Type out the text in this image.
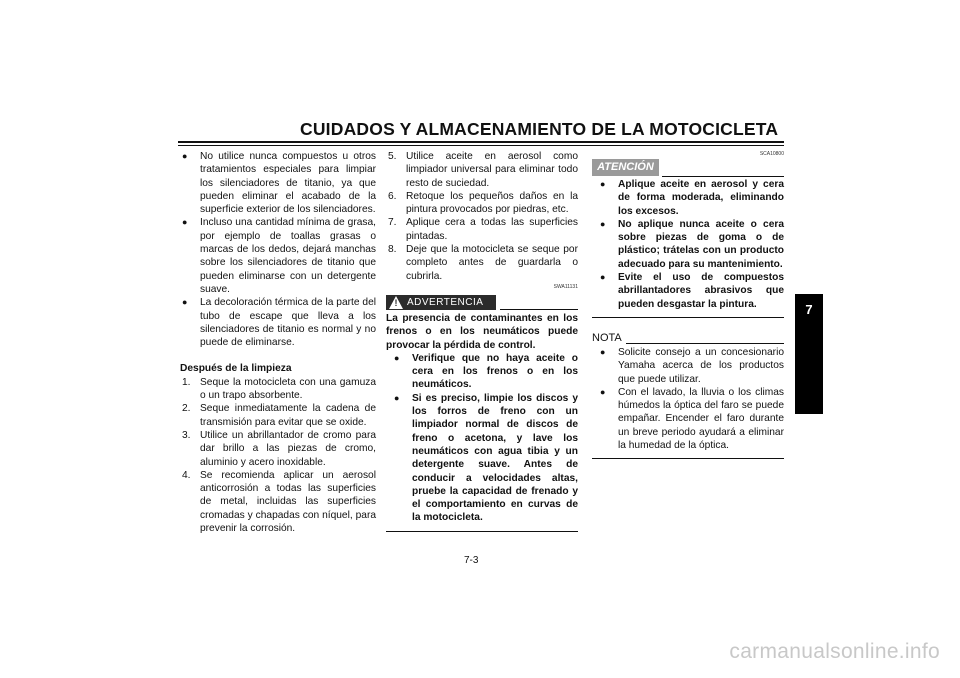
CUIDADOS Y ALMACENAMIENTO DE LA MOTOCICLETA
● No utilice nunca compuestos u otros tratamientos especiales para limpiar los silenciadores de titanio, ya que pueden eliminar el acabado de la superficie exterior de los silenciadores.
● Incluso una cantidad mínima de grasa, por ejemplo de toallas grasas o marcas de los dedos, dejará manchas sobre los silenciadores de titanio que pueden eliminarse con un detergente suave.
● La decoloración térmica de la parte del tubo de escape que lleva a los silenciadores de titanio es normal y no puede de eliminarse.
Después de la limpieza
1. Seque la motocicleta con una gamuza o un trapo absorbente.
2. Seque inmediatamente la cadena de transmisión para evitar que se oxide.
3. Utilice un abrillantador de cromo para dar brillo a las piezas de cromo, aluminio y acero inoxidable.
4. Se recomienda aplicar un aerosol anticorrosión a todas las superficies de metal, incluidas las superficies cromadas y chapadas con níquel, para prevenir la corrosión.
5. Utilice aceite en aerosol como limpiador universal para eliminar todo resto de suciedad.
6. Retoque los pequeños daños en la pintura provocados por piedras, etc.
7. Aplique cera a todas las superficies pintadas.
8. Deje que la motocicleta se seque por completo antes de guardarla o cubrirla.
SWA11131
! ADVERTENCIA
La presencia de contaminantes en los frenos o en los neumáticos puede provocar la pérdida de control.
● Verifique que no haya aceite o cera en los frenos o en los neumáticos.
● Si es preciso, limpie los discos y los forros de freno con un limpiador normal de discos de freno o acetona, y lave los neumáticos con agua tibia y un detergente suave. Antes de conducir a velocidades altas, pruebe la capacidad de frenado y el comportamiento en curvas de la motocicleta.
SCA10800
ATENCIÓN
● Aplique aceite en aerosol y cera de forma moderada, eliminando los excesos.
● No aplique nunca aceite o cera sobre piezas de goma o de plástico; trátelas con un producto adecuado para su mantenimiento.
● Evite el uso de compuestos abrillantadores abrasivos que pueden desgastar la pintura.
NOTA
● Solicite consejo a un concesionario Yamaha acerca de los productos que puede utilizar.
● Con el lavado, la lluvia o los climas húmedos la óptica del faro se puede empañar. Encender el faro durante un breve periodo ayudará a eliminar la humedad de la óptica.
7
7-3
carmanualsonline.info
